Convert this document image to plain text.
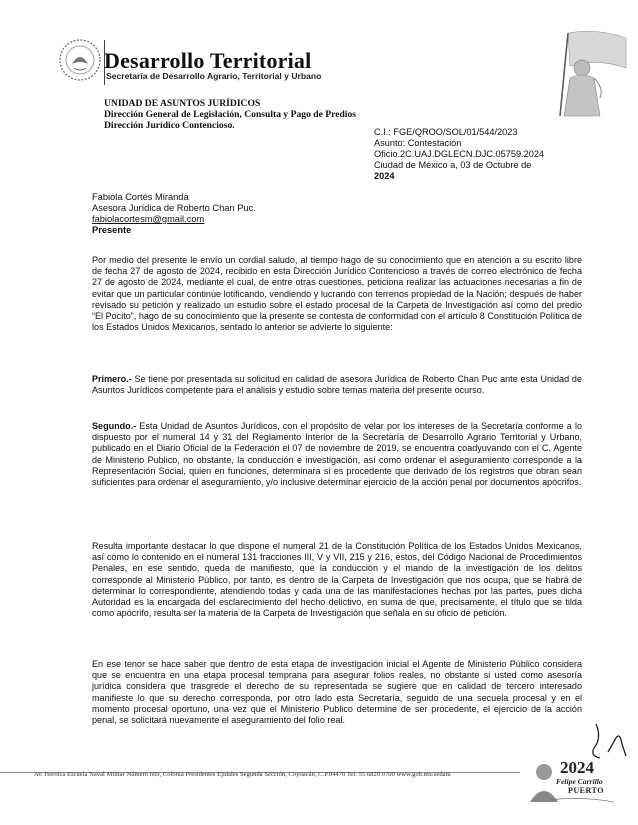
Desarrollo Territorial
Secretaría de Desarrollo Agrario, Territorial y Urbano
UNIDAD DE ASUNTOS JURÍDICOS
Dirección General de Legislación, Consulta y Pago de Predios
Dirección Jurídico Contencioso.
C.I.: FGE/QROO/SOL/01/544/2023
Asunto: Contestación
Oficio.2C.UAJ.DGLECN.DJC.05759.2024
Ciudad de México a, 03 de Octubre de
2024
Fabiola Cortés Miranda
Asesora Jurídica de Roberto Chan Puc.
fabiolacortesm@gmail.com
Presente

Por medio del presente le envío un cordial saludo, al tiempo hago de su conocimiento que en atención a su escrito libre de fecha 27 de agosto de 2024, recibido en esta Dirección Jurídico Contencioso a través de correo electrónico de fecha 27 de agosto de 2024, mediante el cual, de entre otras cuestiones, peticiona realizar las actuaciones necesarias a fin de evitar que un particular continúe lotificando, vendiendo y lucrando con terrenos propiedad de la Nación; después de haber revisado su petición y realizado un estudio sobre el estado procesal de la Carpeta de Investigación así como del predio “El Pocito”, hago de su conocimiento que la presente se contesta de conformidad con el artículo 8 Constitución Política de los Estados Unidos Mexicanos, sentado lo anterior se advierte lo siguiente:

Primero.- Se tiene por presentada su solicitud en calidad de asesora Jurídica de Roberto Chan Puc ante esta Unidad de Asuntos Jurídicos competente para el análisis y estudio sobre temas materia del presente ocurso.

Segundo.- Esta Unidad de Asuntos Jurídicos, con el propósito de velar por los intereses de la Secretaría conforme a lo dispuesto por el numeral 14 y 31 del Reglamento Interior de la Secretaría de Desarrollo Agrario Territorial y Urbano, publicado en el Diario Oficial de la Federación el 07 de noviembre de 2019, se encuentra coadyuvando con el C. Agente de Ministerio Publico, no obstante, la conducción e investigación, así como ordenar el aseguramiento corresponde a la Representación Social, quien en funciones, determinara si es procedente que derivado de los registros que obran sean suficientes para ordenar el aseguramiento, y/o inclusive determinar ejercicio de la acción penal por documentos apócrifos.

Resulta importante destacar lo que dispone el numeral 21 de la Constitución Política de los Estados Unidos Mexicanos, así como lo contenido en el numeral 131 fracciones III, V y VII, 215 y 216, estos, del Código Nacional de Procedimientos Penales, en ese sentido, queda de manifiesto, que la conducción y el mando de la investigación de los delitos corresponde al Ministerio Público, por tanto, es dentro de la Carpeta de Investigación que nos ocupa, que se habrá de determinar lo correspondiente, atendiendo todas y cada una de las manifestaciones hechas por las partes, pues dicha Autoridad es la encargada del esclarecimiento del hecho delictivo, en suma de que, precisamente, el título que se tilda como apócrifo, resulta ser la materia de la Carpeta de Investigación que señala en su oficio de petición.

En ese tenor se hace saber que dentro de esta etapa de investigación inicial el Agente de Ministerio Público considera que se encuentra en una etapa procesal temprana para asegurar folios reales, no obstante si usted como asesoría jurídica considera que trasgrede el derecho de su representada se sugiere que en calidad de tercero interesado manifieste lo que su derecho corresponda, por otro lado esta Secretaría, seguido de una secuela procesal y en el momento procesal oportuno, una vez que el Ministerio Publico determine de ser procedente, el ejercicio de la acción penal, se solicitará nuevamente el aseguramiento del folio real.

Av. Heroica Escuela Naval Militar Número 669, Colonia Presidentes Ejidales Segunda Sección, Coyoacán, C.P.04470 Tel: 55 6820 9700 www.gob.mx/sedatu	2024
Felipe Carrillo
PUERTO
